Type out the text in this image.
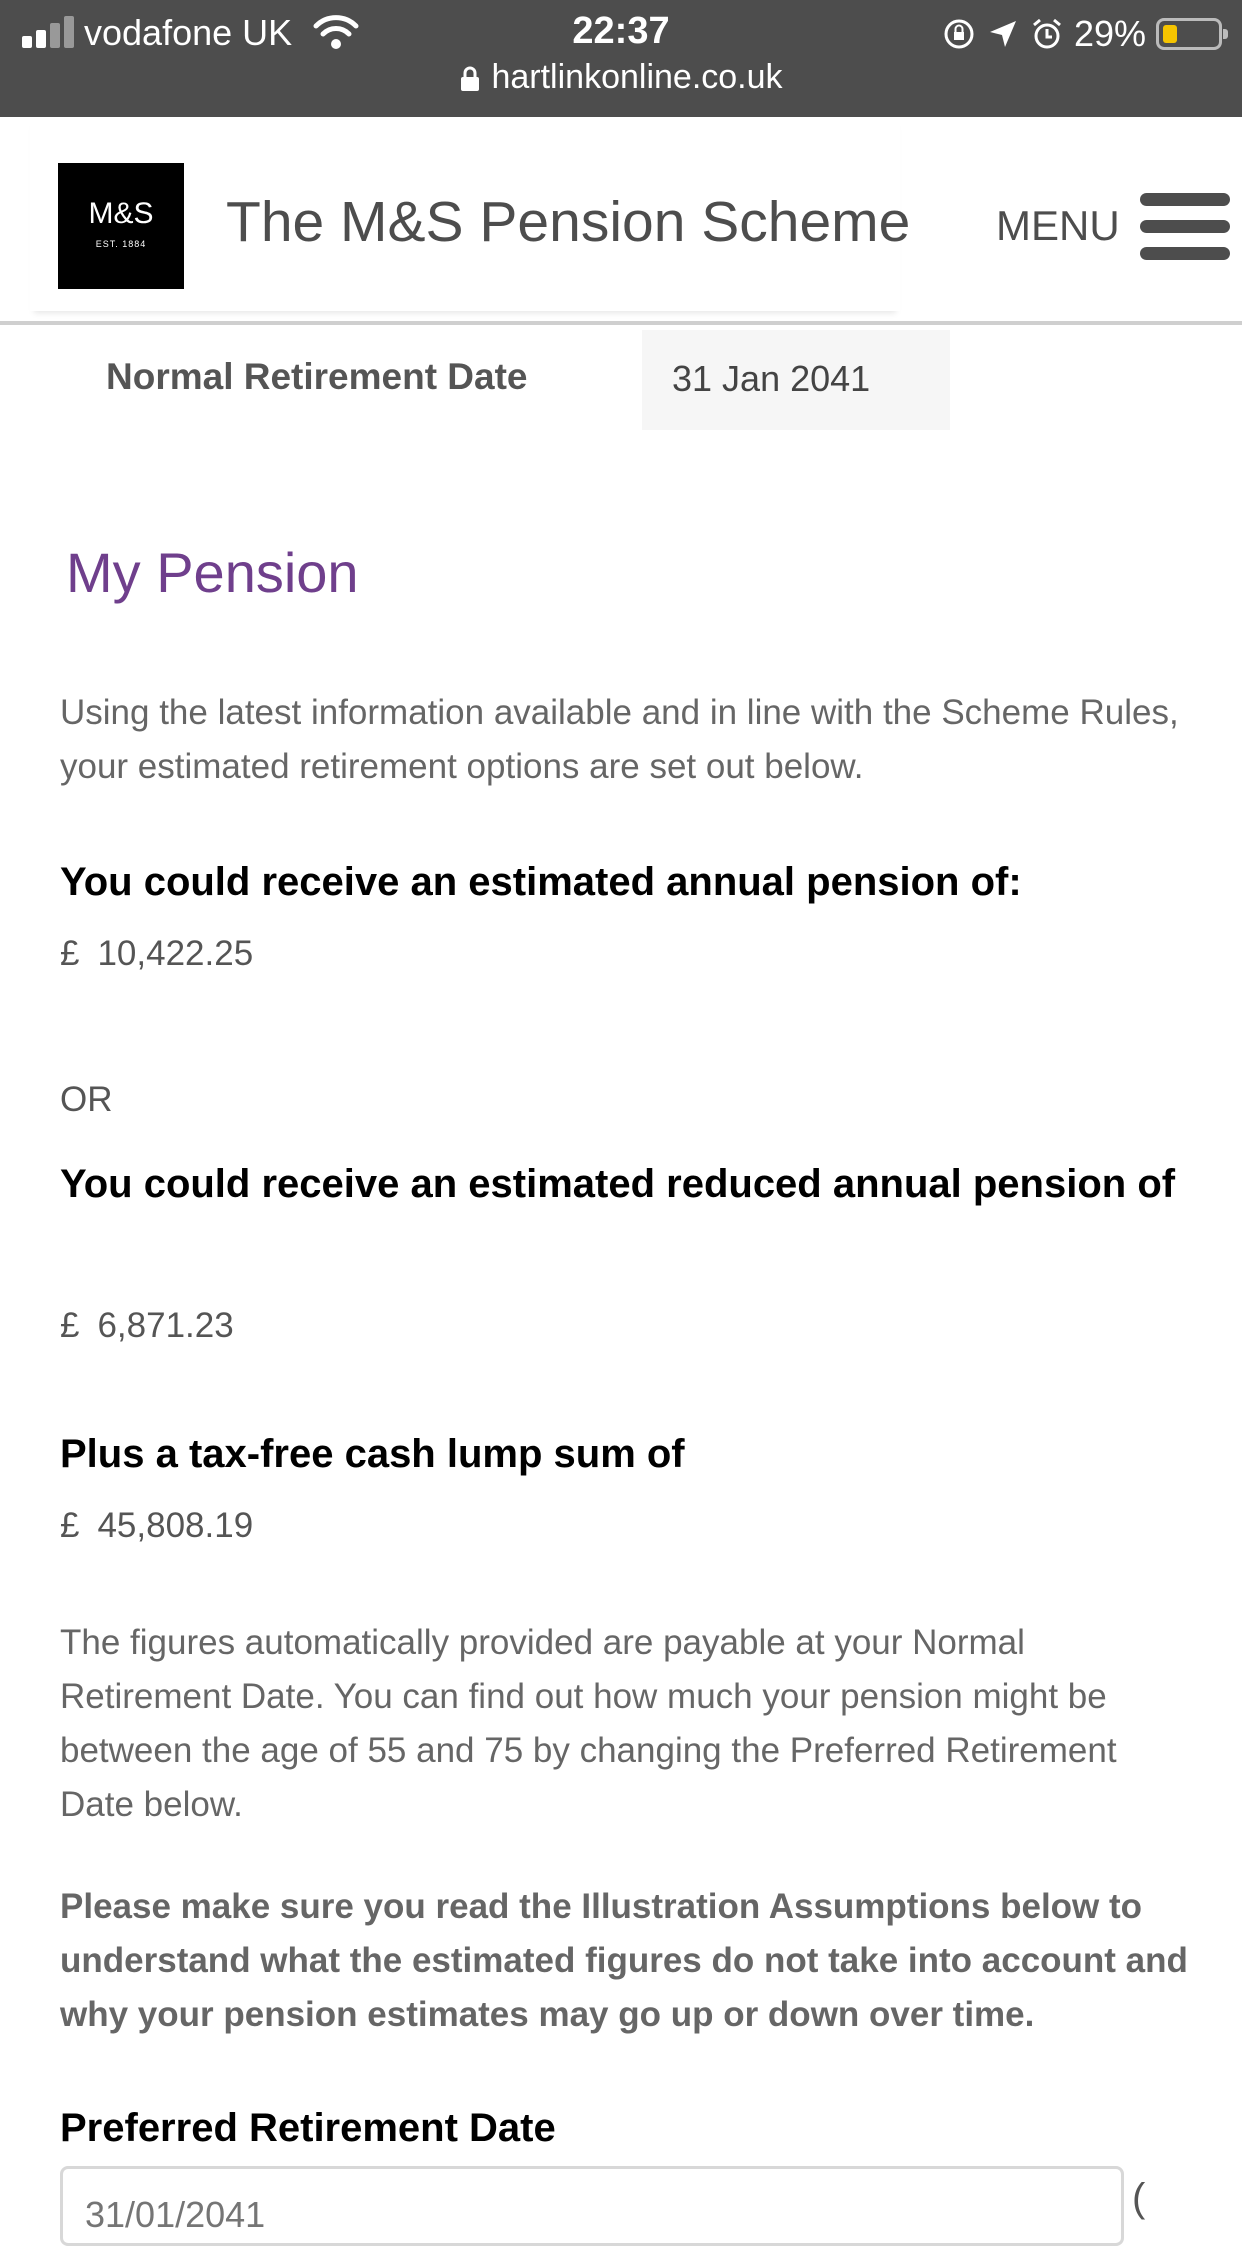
vodafone UK	22:37	29%
hartlinkonline.co.uk
M&S
EST. 1884	The M&S Pension Scheme MENU
Normal Retirement Date	31 Jan 2041
My Pension
Using the latest information available and in line with the Scheme Rules, your estimated retirement options are set out below.
You could receive an estimated annual pension of:
£ 10,422.25
OR
You could receive an estimated reduced annual pension of
£ 6,871.23
Plus a tax-free cash lump sum of
£ 45,808.19
The figures automatically provided are payable at your Normal Retirement Date. You can find out how much your pension might be between the age of 55 and 75 by changing the Preferred Retirement Date below.
Please make sure you read the Illustration Assumptions below to understand what the estimated figures do not take into account and why your pension estimates may go up or down over time.
Preferred Retirement Date
31/01/2041
(
